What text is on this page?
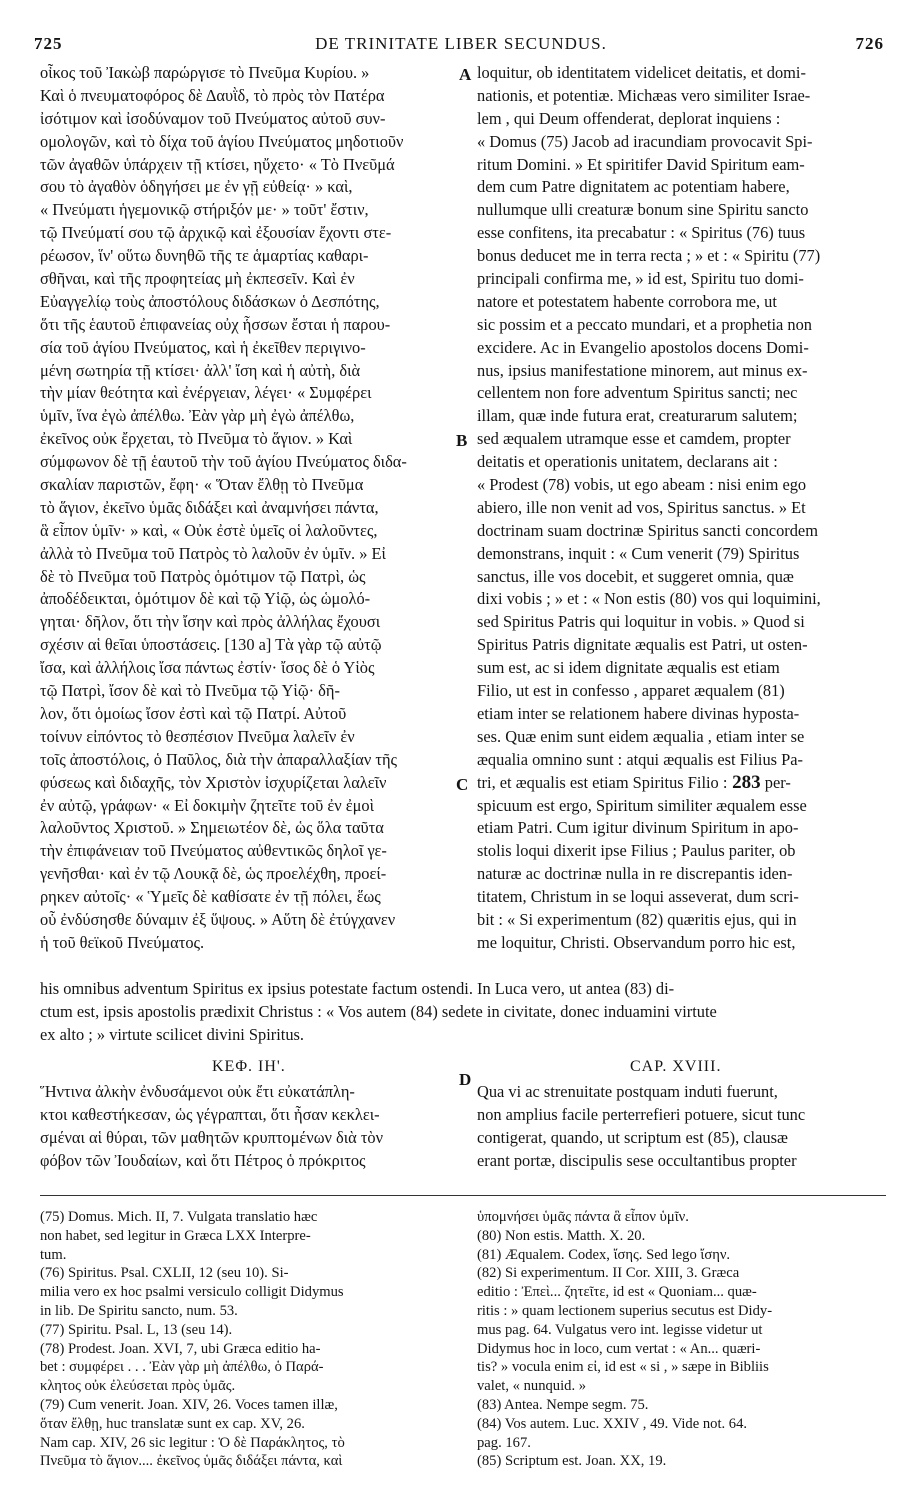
725	DE TRINITATE LIBER SECUNDUS.	726
οἶκος τοῦ Ἰακὼβ παρώργισε τὸ Πνεῦμα Κυρίου. »
Καὶ ὁ πνευματοφόρος δὲ Δαυῒδ, τὸ πρὸς τὸν Πατέρα
ἰσότιμον καὶ ἰσοδύναμον τοῦ Πνεύματος αὐτοῦ συν-
ομολογῶν, καὶ τὸ δίχα τοῦ ἁγίου Πνεύματος μηδοτιοῦν
τῶν ἀγαθῶν ὑπάρχειν τῇ κτίσει, ηὔχετο· « Τὸ Πνεῦμά
σου τὸ ἀγαθὸν ὁδηγήσει με ἐν γῇ εὐθείᾳ· » καὶ,
« Πνεύματι ἡγεμονικῷ στήριξόν με· » τοῦτ' ἔστιν,
τῷ Πνεύματί σου τῷ ἀρχικῷ καὶ ἐξουσίαν ἔχοντι στε-
ρέωσον, ἵν' οὕτω δυνηθῶ τῆς τε ἁμαρτίας καθαρι-
σθῆναι, καὶ τῆς προφητείας μὴ ἐκπεσεῖν. Καὶ ἐν
Εὐαγγελίῳ τοὺς ἀποστόλους διδάσκων ὁ Δεσπότης,
ὅτι τῆς ἑαυτοῦ ἐπιφανείας οὐχ ἧσσων ἔσται ἡ παρου-
σία τοῦ ἁγίου Πνεύματος, καὶ ἡ ἐκεῖθεν περιγινο-
μένη σωτηρία τῇ κτίσει· ἀλλ' ἴση καὶ ἡ αὐτὴ, διὰ
τὴν μίαν θεότητα καὶ ἐνέργειαν, λέγει· « Συμφέρει
ὑμῖν, ἵνα ἐγὼ ἀπέλθω. Ἐὰν γὰρ μὴ ἐγὼ ἀπέλθω,
ἐκεῖνος οὐκ ἔρχεται, τὸ Πνεῦμα τὸ ἅγιον. » Καὶ
σύμφωνον δὲ τῇ ἑαυτοῦ τὴν τοῦ ἁγίου Πνεύματος διδα-
σκαλίαν παριστῶν, ἔφη· « Ὅταν ἔλθῃ τὸ Πνεῦμα
τὸ ἅγιον, ἐκεῖνο ὑμᾶς διδάξει καὶ ἀναμνήσει πάντα,
ἃ εἶπον ὑμῖν· » καὶ, « Οὐκ ἐστὲ ὑμεῖς οἱ λαλοῦντες,
ἀλλὰ τὸ Πνεῦμα τοῦ Πατρὸς τὸ λαλοῦν ἐν ὑμῖν. » Εἰ
δὲ τὸ Πνεῦμα τοῦ Πατρὸς ὁμότιμον τῷ Πατρὶ, ὡς
ἀποδέδεικται, ὁμότιμον δὲ καὶ τῷ Υἱῷ, ὡς ὡμολό-
γηται· δῆλον, ὅτι τὴν ἴσην καὶ πρὸς ἀλλήλας ἔχουσι
σχέσιν αἱ θεῖαι ὑποστάσεις. [130 a] Τὰ γὰρ τῷ αὐτῷ
ἴσα, καὶ ἀλλήλοις ἴσα πάντως ἐστίν· ἴσος δὲ ὁ Υἱὸς
τῷ Πατρὶ, ἴσον δὲ καὶ τὸ Πνεῦμα τῷ Υἱῷ· δῆ-
λον, ὅτι ὁμοίως ἴσον ἐστὶ καὶ τῷ Πατρί. Αὐτοῦ
τοίνυν εἰπόντος τὸ θεσπέσιον Πνεῦμα λαλεῖν ἐν
τοῖς ἀποστόλοις, ὁ Παῦλος, διὰ τὴν ἀπαραλλαξίαν τῆς
φύσεως καὶ διδαχῆς, τὸν Χριστὸν ἰσχυρίζεται λαλεῖν
ἐν αὐτῷ, γράφων· « Εἰ δοκιμὴν ζητεῖτε τοῦ ἐν ἐμοὶ
λαλοῦντος Χριστοῦ. » Σημειωτέον δὲ, ὡς ὅλα ταῦτα
τὴν ἐπιφάνειαν τοῦ Πνεύματος αὐθεντικῶς δηλοῖ γε-
γενῆσθαι· καὶ ἐν τῷ Λουκᾷ δὲ, ὡς προελέχθη, προεί-
ρηκεν αὐτοῖς· « Ὑμεῖς δὲ καθίσατε ἐν τῇ πόλει, ἕως
οὗ ἐνδύσησθε δύναμιν ἐξ ὕψους. » Αὕτη δὲ ἐτύγχανεν
ἡ τοῦ θεϊκοῦ Πνεύματος.
loquitur, ob identitatem videlicet deitatis, et domi-
nationis, et potentiæ. Michæas vero similiter Israe-
lem , qui Deum offenderat, deplorat inquiens :
« Domus (75) Jacob ad iracundiam provocavit Spi-
ritum Domini. » Et spiritifer David Spiritum eam-
dem cum Patre dignitatem ac potentiam habere,
nullumque ulli creaturæ bonum sine Spiritu sancto
esse confitens, ita precabatur : « Spiritus (76) tuus
bonus deducet me in terra recta ; » et : « Spiritu (77)
principali confirma me, » id est, Spiritu tuo domi-
natore et potestatem habente corrobora me, ut
sic possim et a peccato mundari, et a prophetia non
excidere. Ac in Evangelio apostolos docens Domi-
nus, ipsius manifestatione minorem, aut minus ex-
cellentem non fore adventum Spiritus sancti; nec
illam, quæ inde futura erat, creaturarum salutem;
sed æqualem utramque esse et camdem, propter
deitatis et operationis unitatem, declarans ait :
« Prodest (78) vobis, ut ego abeam : nisi enim ego
abiero, ille non venit ad vos, Spiritus sanctus. » Et
doctrinam suam doctrinæ Spiritus sancti concordem
demonstrans, inquit : « Cum venerit (79) Spiritus
sanctus, ille vos docebit, et suggeret omnia, quæ
dixi vobis ; » et : « Non estis (80) vos qui loquimini,
sed Spiritus Patris qui loquitur in vobis. » Quod si
Spiritus Patris dignitate æqualis est Patri, ut osten-
sum est, ac si idem dignitate æqualis est etiam
Filio, ut est in confesso , apparet æqualem (81)
etiam inter se relationem habere divinas hyposta-
ses. Quæ enim sunt eidem æqualia , etiam inter se
æqualia omnino sunt : atqui æqualis est Filius Pa-
tri, et æqualis est etiam Spiritus Filio : 283 per-
spicuum est ergo, Spiritum similiter æqualem esse
etiam Patri. Cum igitur divinum Spiritum in apo-
stolis loqui dixerit ipse Filius ; Paulus pariter, ob
naturæ ac doctrinæ nulla in re discrepantis iden-
titatem, Christum in se loqui asseverat, dum scri-
bit : « Si experimentum (82) quæritis ejus, qui in
me loquitur, Christi. Observandum porro hic est,
A
B
C
D
his omnibus adventum Spiritus ex ipsius potestate factum ostendi. In Luca vero, ut antea (83) di-
ctum est, ipsis apostolis prædixit Christus : « Vos autem (84) sedete in civitate, donec induamini virtute
ex alto ; » virtute scilicet divini Spiritus.
ΚΕΦ. ΙΗ'.	CAP. XVIII.
Ἥντινα ἀλκὴν ἐνδυσάμενοι οὐκ ἔτι εὐκατάπλη-
κτοι καθεστήκεσαν, ὡς γέγραπται, ὅτι ἦσαν κεκλει-
σμέναι αἱ θύραι, τῶν μαθητῶν κρυπτομένων διὰ τὸν
φόβον τῶν Ἰουδαίων, καὶ ὅτι Πέτρος ὁ πρόκριτος
Qua vi ac strenuitate postquam induti fuerunt,
non amplius facile perterrefieri potuere, sicut tunc
contigerat, quando, ut scriptum est (85), clausæ
erant portæ, discipulis sese occultantibus propter
(75) Domus. Mich. II, 7. Vulgata translatio hæc
non habet, sed legitur in Græca LXX Interpre-
tum.
(76) Spiritus. Psal. CXLII, 12 (seu 10). Si-
milia vero ex hoc psalmi versiculo colligit Didymus
in lib. De Spiritu sancto, num. 53.
(77) Spiritu. Psal. L, 13 (seu 14).
(78) Prodest. Joan. XVI, 7, ubi Græca editio ha-
bet : συμφέρει . . . Ἐὰν γὰρ μὴ ἀπέλθω, ὁ Παρά-
κλητος οὐκ ἐλεύσεται πρὸς ὑμᾶς.
(79) Cum venerit. Joan. XIV, 26. Voces tamen illæ,
ὅταν ἔλθῃ, huc translatæ sunt ex cap. XV, 26.
Nam cap. XIV, 26 sic legitur : Ὁ δὲ Παράκλητος, τὸ
Πνεῦμα τὸ ἅγιον.... ἐκεῖνος ὑμᾶς διδάξει πάντα, καὶ
ὑπομνήσει ὑμᾶς πάντα ἃ εἶπον ὑμῖν.
(80) Non estis. Matth. X. 20.
(81) Æqualem. Codex, ἴσης. Sed lego ἴσην.
(82) Si experimentum. II Cor. XIII, 3. Græca
editio : Ἐπεὶ... ζητεῖτε, id est « Quoniam... quæ-
ritis : » quam lectionem superius secutus est Didy-
mus pag. 64. Vulgatus vero int. legisse videtur ut
Didymus hoc in loco, cum vertat : « An... quæri-
tis? » vocula enim εἰ, id est « si , » sæpe in Bibliis
valet, « nunquid. »
(83) Antea. Nempe segm. 75.
(84) Vos autem. Luc. XXIV , 49. Vide not. 64.
pag. 167.
(85) Scriptum est. Joan. XX, 19.
